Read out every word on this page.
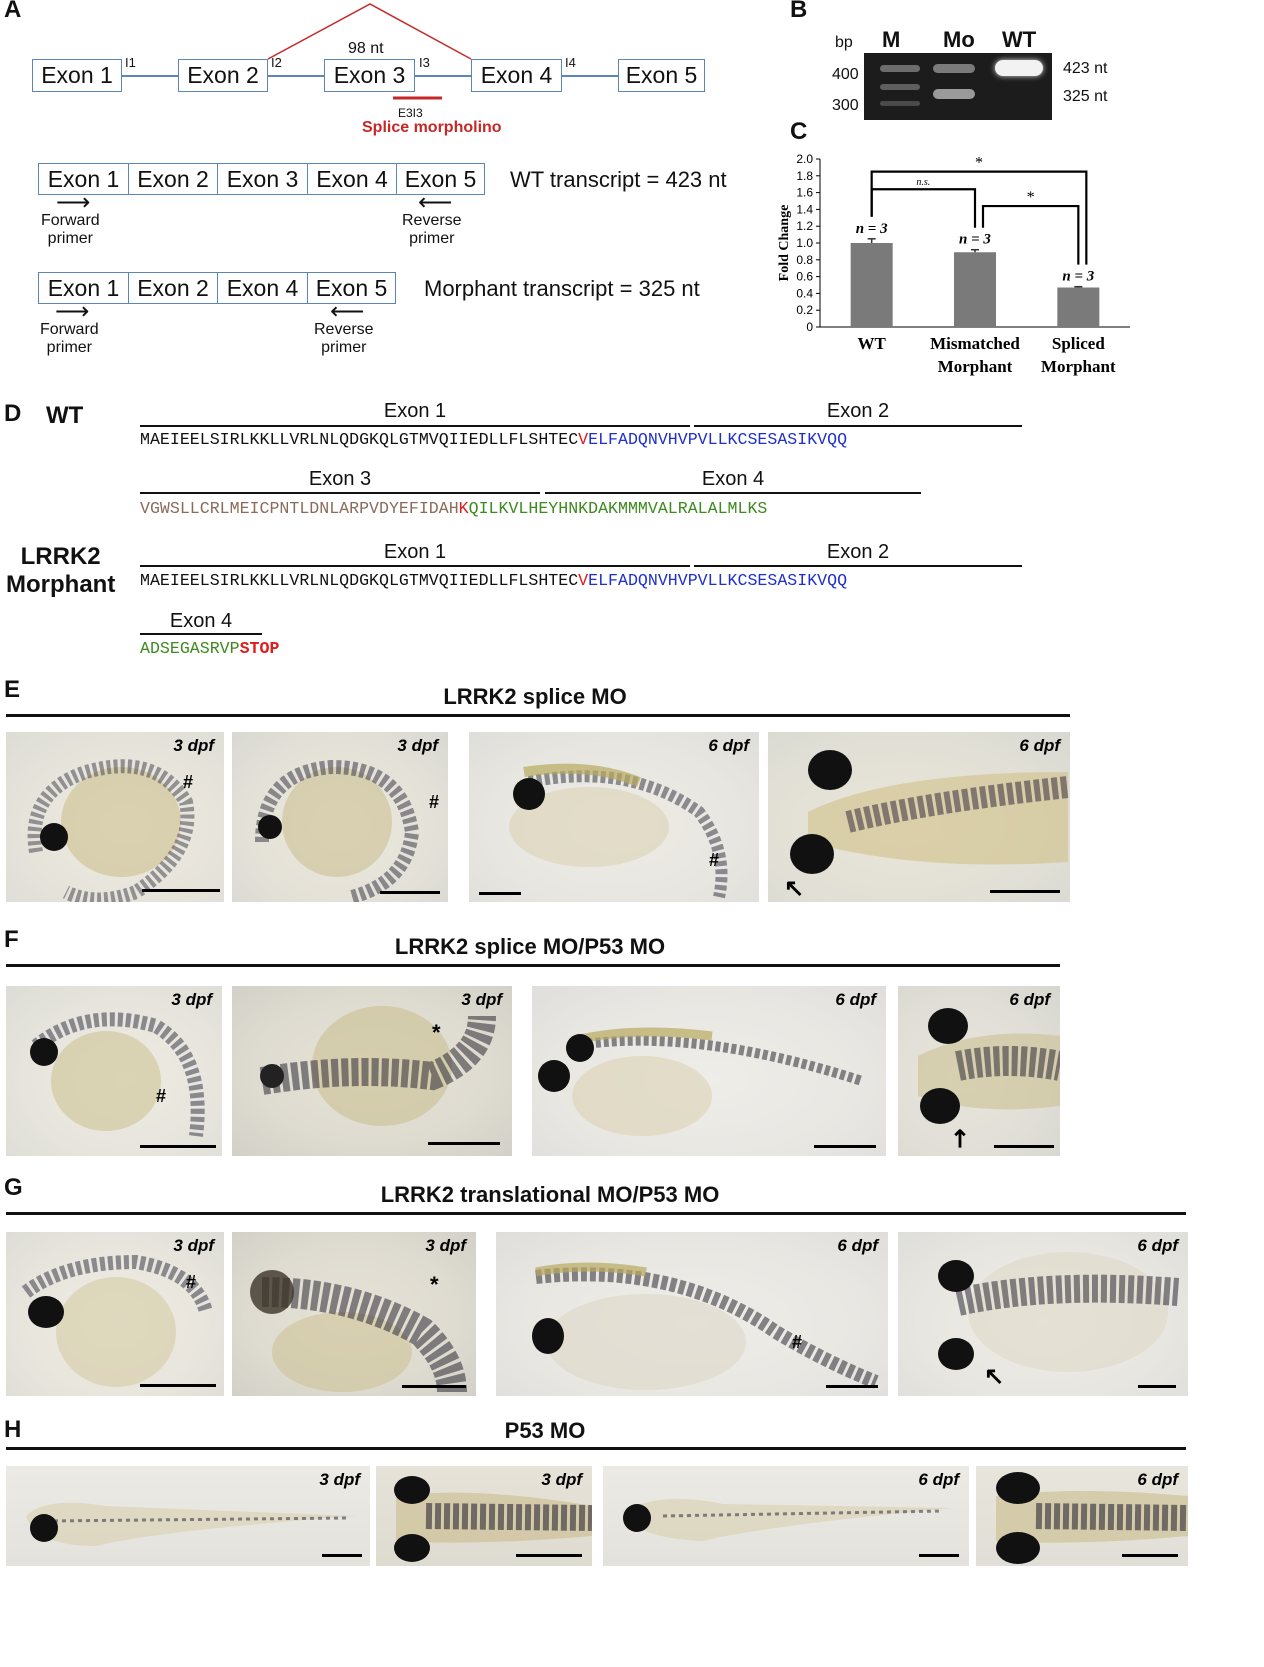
A
Exon 1	Exon 2	Exon 3	Exon 4	Exon 5
I1	I2	I3	I4
98 nt
E3I3
Splice morpholino
Exon 1 Exon 2 Exon 3 Exon 4 Exon 5	WT transcript = 423 nt
⟶
Forward
primer
⟵
Reverse
primer
Exon 1 Exon 2 Exon 4 Exon 5	Morphant transcript = 325 nt
⟶
Forward
primer
⟵
Reverse
primer
B
bp M Mo WT
400
300
423 nt
325 nt
C
0
0.2
0.4
0.6
0.8
1.0
1.2
1.4
1.6
1.8
2.0
Fold Change	n = 3
WT
n = 3
Mismatched
Morphant
n = 3
Spliced
Morphant
*
n.s.
*
D WT	Exon 1	Exon 2
MAEIEELSIRLKKLLVRLNLQDGKQLGTMVQIIEDLLFLSHTECVELFADQNVHVPVLLKCSESASIKVQQ
Exon 3	Exon 4
VGWSLLCRLMEICPNTLDNLARPVDYEFIDAHKQILKVLHEYHNKDAKMMMVALRALALMLKS
LRRK2
Morphant
Exon 1	Exon 2
MAEIEELSIRLKKLLVRLNLQDGKQLGTMVQIIEDLLFLSHTECVELFADQNVHVPVLLKCSESASIKVQQ
Exon 4
ADSEGASRVPSTOP
E	LRRK2 splice MO
3 dpf
#
3 dpf
#
6 dpf
#
6 dpf
↖
F	LRRK2 splice MO/P53 MO
3 dpf
#
3 dpf
*
6 dpf	6 dpf
↖
G	LRRK2 translational MO/P53 MO
3 dpf
#
3 dpf
*
6 dpf
#
6 dpf
↖
H	P53 MO
3 dpf	3 dpf	6 dpf	6 dpf
